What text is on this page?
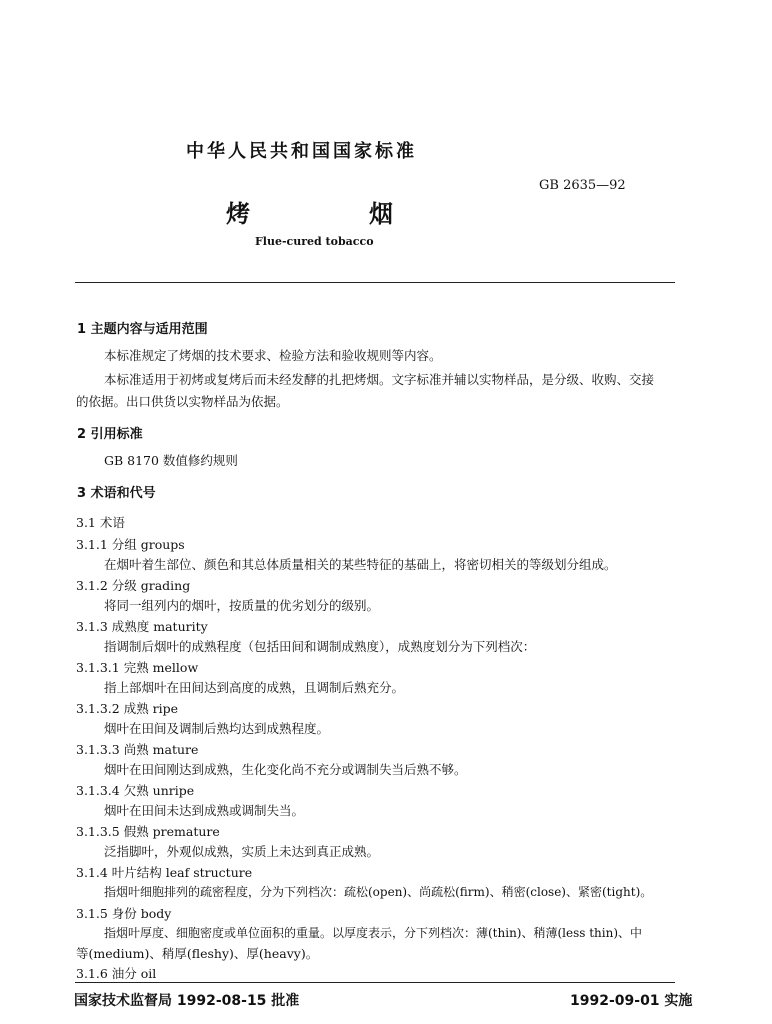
中华人民共和国国家标准
GB 2635—92
烤	烟
Flue-cured tobacco
1 主题内容与适用范围
本标准规定了烤烟的技术要求、检验方法和验收规则等内容。
本标准适用于初烤或复烤后而未经发酵的扎把烤烟。文字标准并辅以实物样品，是分级、收购、交接
的依据。出口供货以实物样品为依据。
2 引用标准
GB 8170 数值修约规则
3 术语和代号
3.1 术语
3.1.1 分组 groups
在烟叶着生部位、颜色和其总体质量相关的某些特征的基础上，将密切相关的等级划分组成。
3.1.2 分级 grading
将同一组列内的烟叶，按质量的优劣划分的级别。
3.1.3 成熟度 maturity
指调制后烟叶的成熟程度（包括田间和调制成熟度），成熟度划分为下列档次：
3.1.3.1 完熟 mellow
指上部烟叶在田间达到高度的成熟，且调制后熟充分。
3.1.3.2 成熟 ripe
烟叶在田间及调制后熟均达到成熟程度。
3.1.3.3 尚熟 mature
烟叶在田间刚达到成熟，生化变化尚不充分或调制失当后熟不够。
3.1.3.4 欠熟 unripe
烟叶在田间未达到成熟或调制失当。
3.1.3.5 假熟 premature
泛指脚叶，外观似成熟，实质上未达到真正成熟。
3.1.4 叶片结构 leaf structure
指烟叶细胞排列的疏密程度，分为下列档次：疏松(open)、尚疏松(firm)、稍密(close)、紧密(tight)。
3.1.5 身份 body
指烟叶厚度、细胞密度或单位面积的重量。以厚度表示，分下列档次：薄(thin)、稍薄(less thin)、中
等(medium)、稍厚(fleshy)、厚(heavy)。
3.1.6 油分 oil
国家技术监督局 1992-08-15 批准	1992-09-01 实施
